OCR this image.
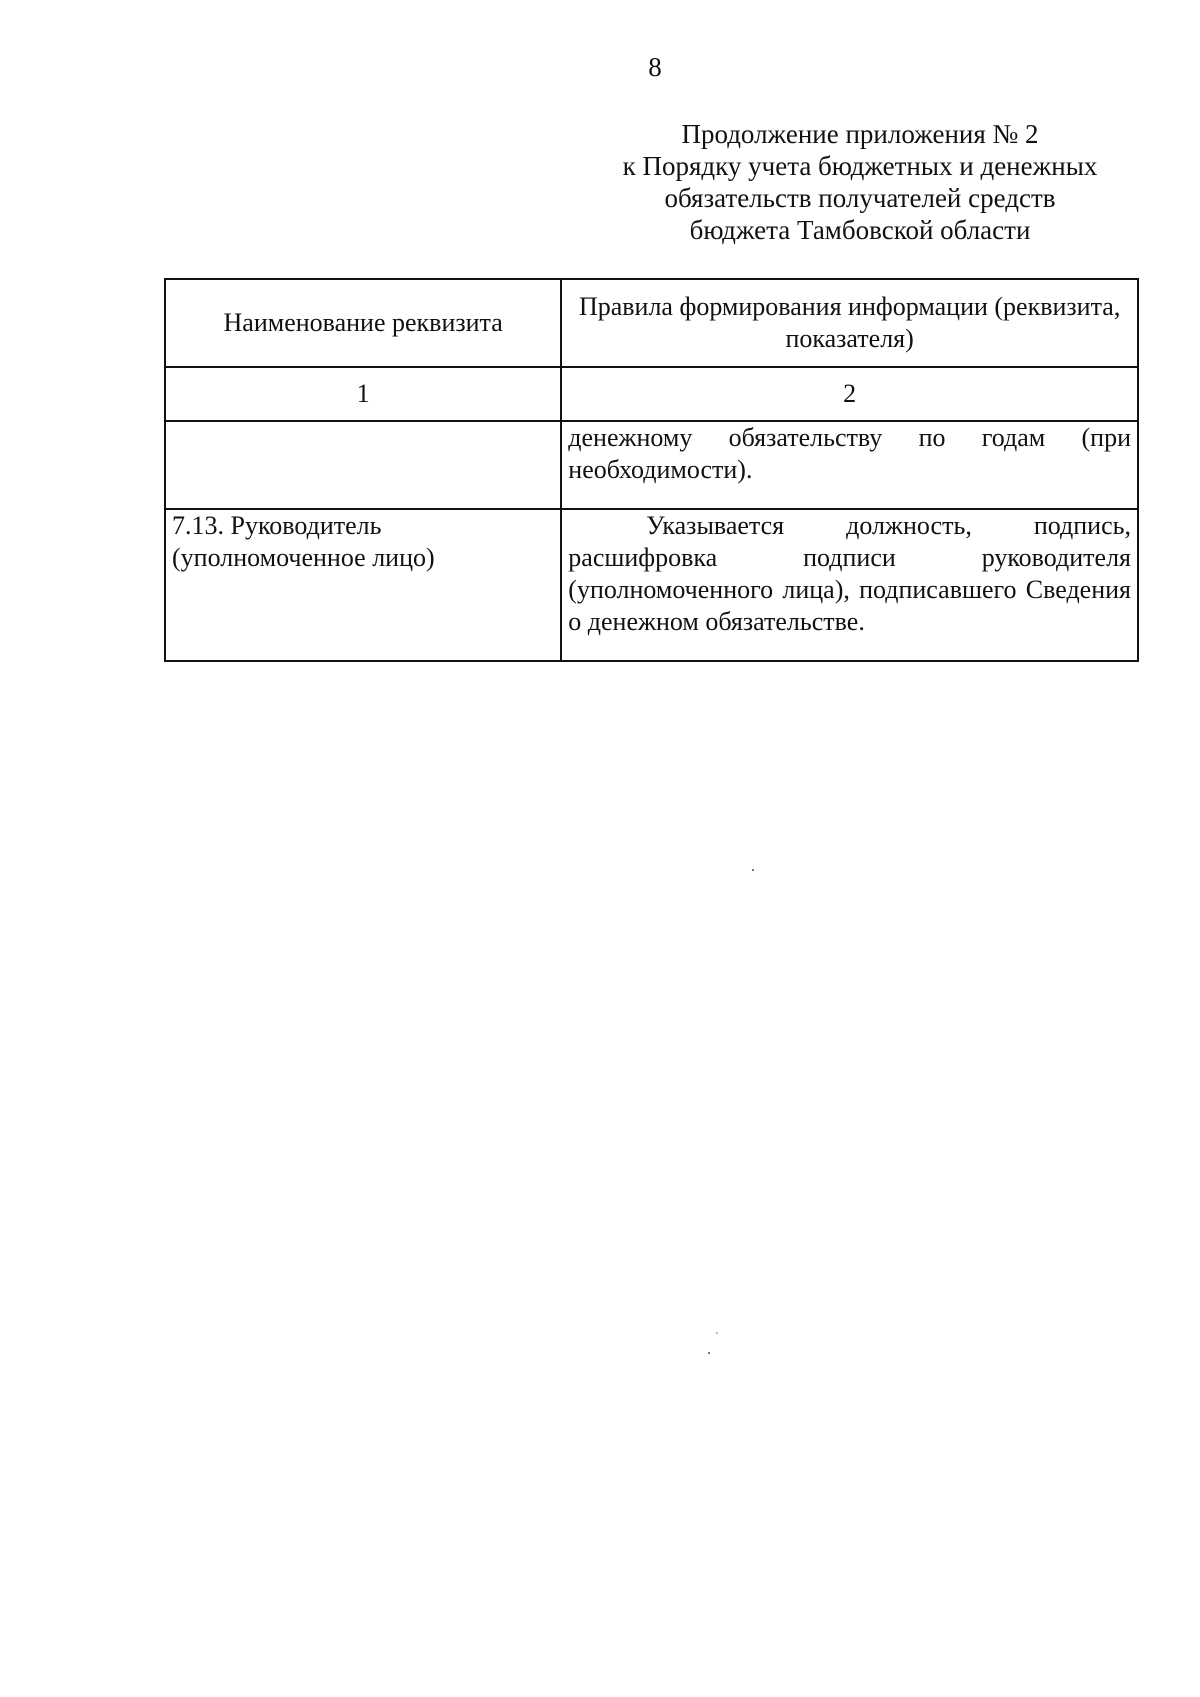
8
Продолжение приложения № 2
к Порядку учета бюджетных и денежных
обязательств получателей средств
бюджета Тамбовской области
Наименование реквизита	Правила формирования информации (реквизита, показателя)
1	2
	денежному обязательству по годам (при необходимости).
7.13. Руководитель (уполномоченное лицо)	Указывается должность, подпись, расшифровка подписи руководителя (уполномоченного лица), подписавшего Сведения о денежном обязательстве.
